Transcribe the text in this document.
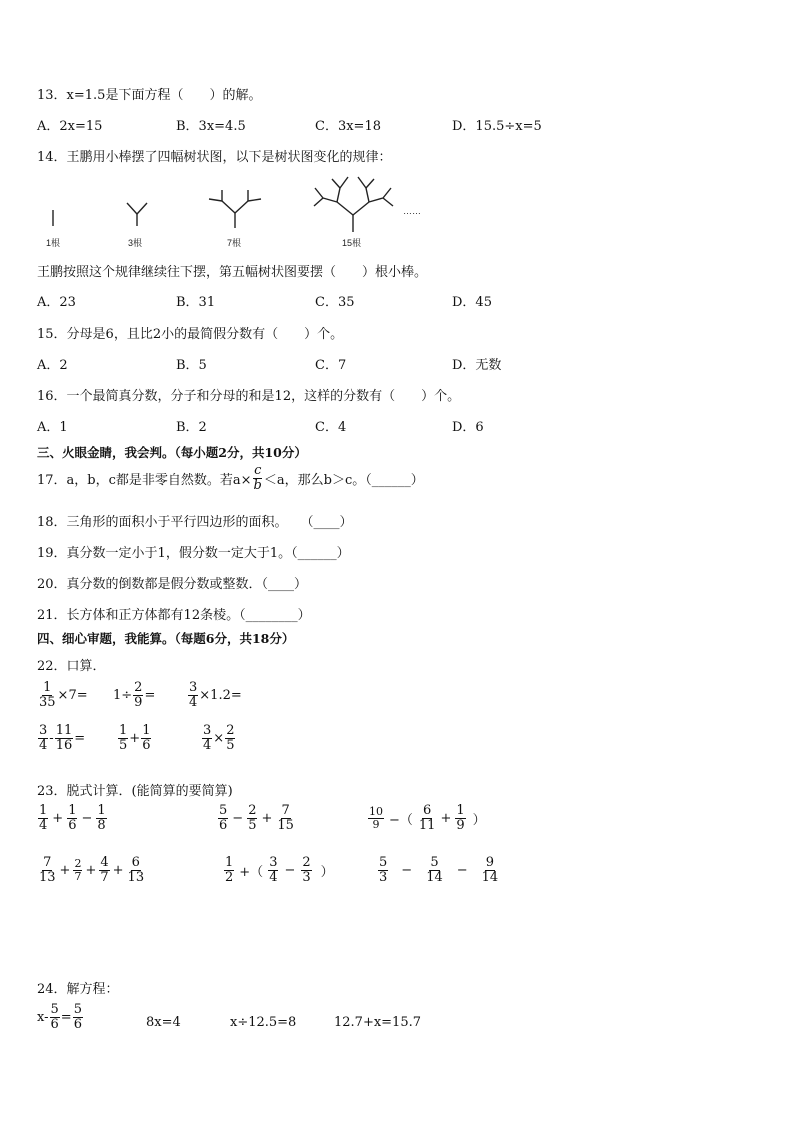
13．x=1.5是下面方程（　　）的解。
A．2x=15	B．3x=4.5	C．3x=18	D．15.5÷x=5
14．王鹏用小棒摆了四幅树状图，以下是树状图变化的规律：
1根	3根	7根	15根
……
王鹏按照这个规律继续往下摆，第五幅树状图要摆（　　）根小棒。
A．23	B．31	C．35	D．45
15．分母是6，且比2小的最简假分数有（　　）个。
A．2	B．5	C．7	D．无数
16．一个最简真分数，分子和分母的和是12，这样的分数有（　　）个。
A．1	B．2	C．4	D．6
三、火眼金睛，我会判。（每小题2分，共10分）
17．a，b，c都是非零自然数。若$a\times \frac{c}{b} <a$，那么b＞c。（______）
18．三角形的面积小于平行四边形的面积。　　（____）
19．真分数一定小于1，假分数一定大于1。（______）
20．真分数的倒数都是假分数或整数．（____）
21．长方体和正方体都有12条棱。（________）
四、细心审题，我能算。（每题6分，共18分）
22．口算．
$\frac{1}{35} \times 7= 1\div \frac{2}{9}$ =	$\frac{3}{4} \times 1.2=$
$\frac{3}{4} - \frac{11}{16}$ =	$\frac{1}{5} + \frac{1}{6}$	$\frac{3}{4} \times \frac{2}{5}$
23．脱式计算．(能简算的要简算)
$\frac{1}{4} + \frac{1}{6} - \frac{1}{8}$	$\frac{5}{6} - \frac{2}{5} + \frac{7}{15}$	$\frac{10}{9}$ −（ $\frac{6}{11} + \frac{1}{9}$ ）
$\frac{7}{13} + \frac{2}{7} + \frac{4}{7} + \frac{6}{13}$	$\frac{1}{2}$ +（ $\frac{3}{4} - \frac{2}{3}$ ）	$\frac{5}{3} - \frac{5}{14} - \frac{9}{14}$
24．解方程：
$x- \frac{5}{6} = \frac{5}{6}$	8x=4	x÷12.5=8	12.7+x=15.7
